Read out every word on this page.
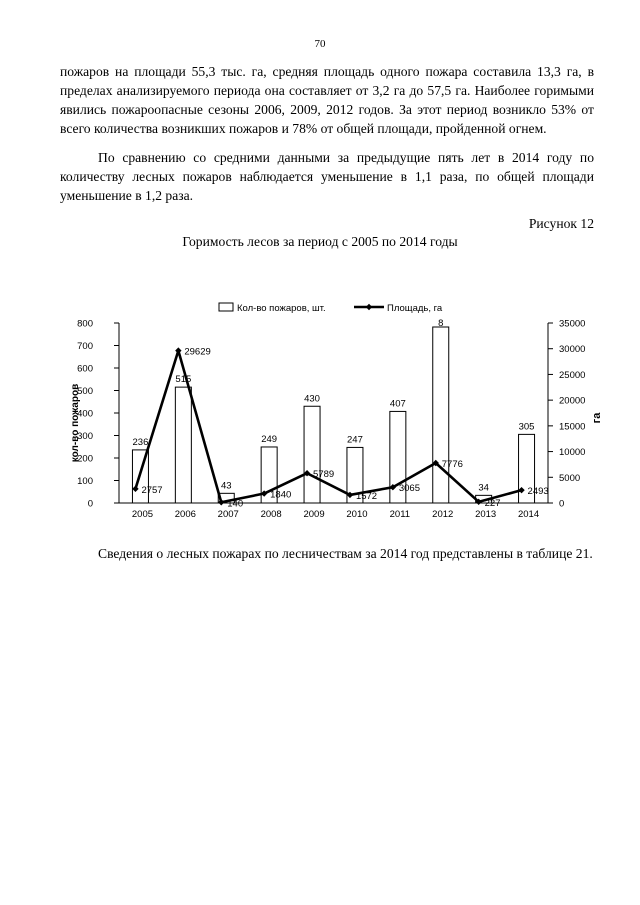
70

пожаров на площади 55,3 тыс. га, средняя площадь одного пожара составила 13,3 га, в пределах анализируемого периода она составляет от 3,2 га до 57,5 га. Наиболее горимыми явились пожароопасные сезоны 2006, 2009, 2012 годов. За этот период возникло 53% от всего количества возникших пожаров и 78% от общей площади, пройденной огнем.

По сравнению со средними данными за предыдущие пять лет в 2014 году по количеству лесных пожаров наблюдается уменьшение в 1,1 раза, по общей площади уменьшение в 1,2 раза.

Рисунок 12
Горимость лесов за период с 2005 по 2014 годы
0
100
200
300
400
500
600
700
800
0
5000
10000
15000
20000
25000
30000
35000
кол-во пожаров	га
2005 2006 2007 2008 2009 2010 2011 2012 2013 2014
236
515
43
249
430
247
407
8
34
305
2757
29629
140
1840
5789
1572
3065
7776
227
2493
Кол-во пожаров, шт.	Площадь, га

Сведения о лесных пожарах по лесничествам за 2014 год представлены в таблице 21.
